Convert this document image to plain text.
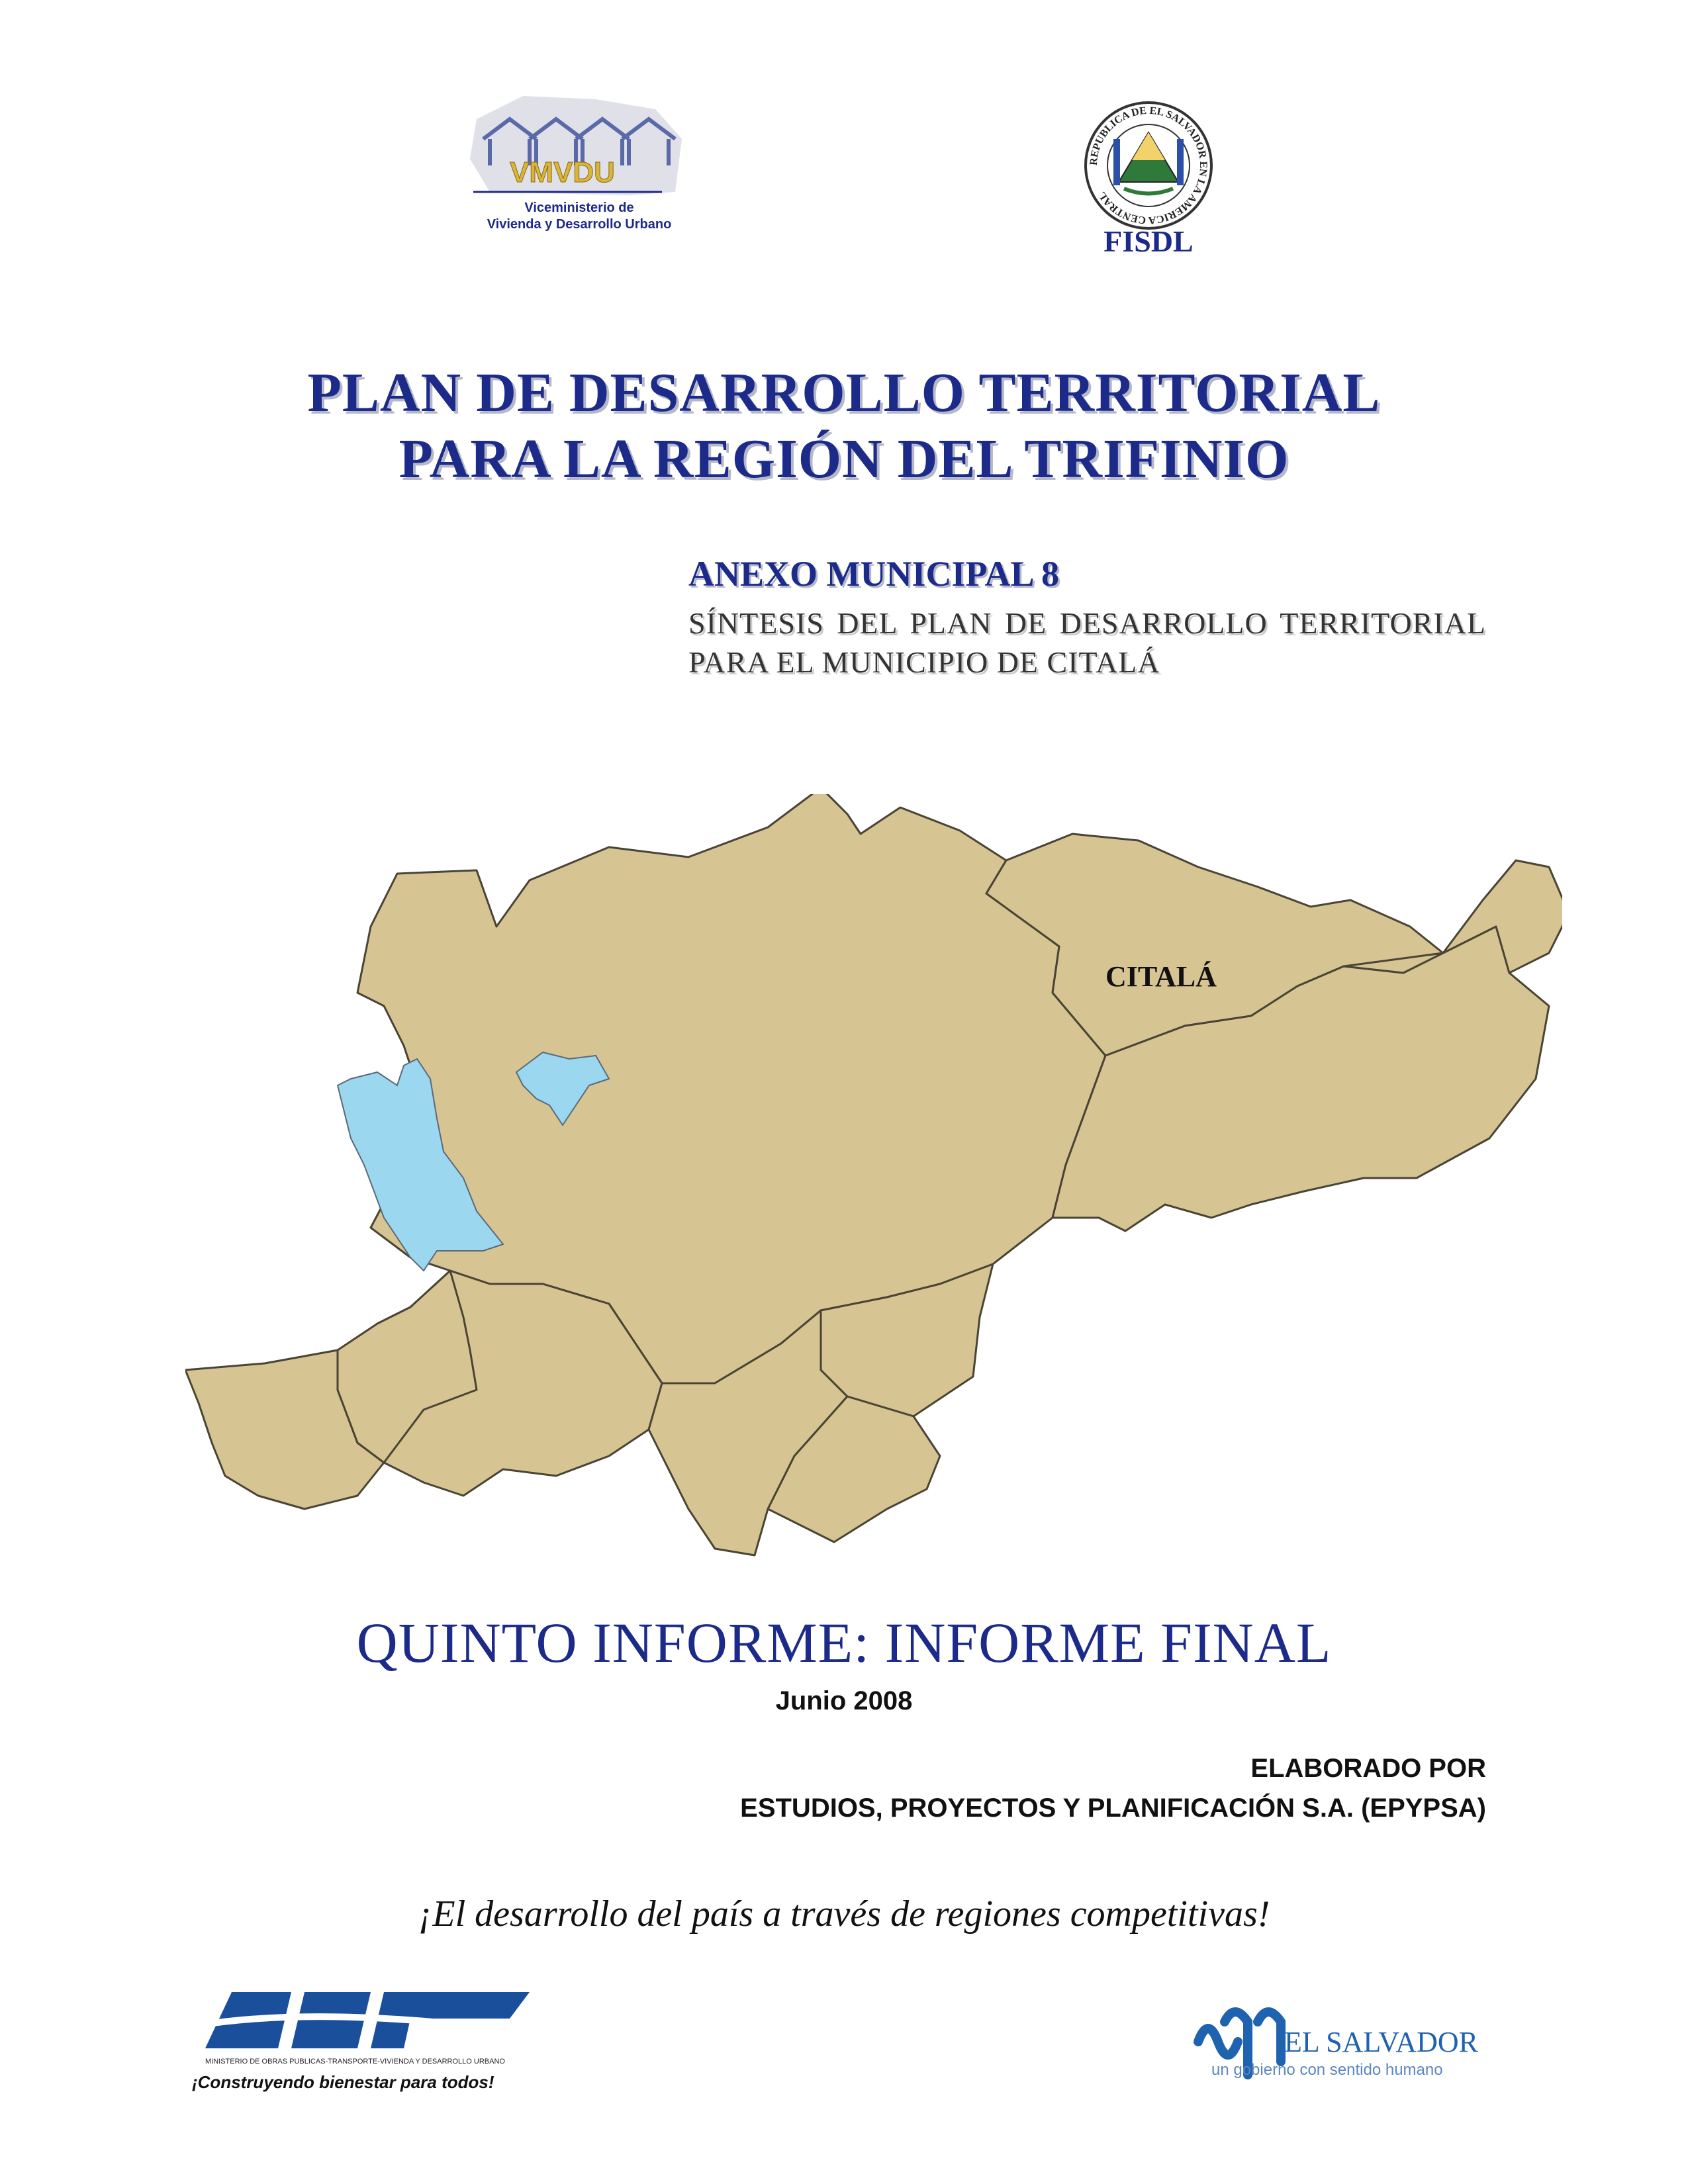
VMVDU
Viceministerio de
Vivienda y Desarrollo Urbano
REPUBLICA DE EL SALVADOR EN LA AMERICA CENTRAL
FISDL
PLAN DE DESARROLLO TERRITORIAL
PARA LA REGIÓN DEL TRIFINIO
ANEXO MUNICIPAL 8
SÍNTESIS DEL PLAN DE DESARROLLO TERRITORIAL PARA EL MUNICIPIO DE CITALÁ
CITALÁ
QUINTO INFORME: INFORME FINAL
Junio 2008
ELABORADO POR
ESTUDIOS, PROYECTOS Y PLANIFICACIÓN S.A. (EPYPSA)
¡El desarrollo del país a través de regiones competitivas!
MINISTERIO DE OBRAS PUBLICAS-TRANSPORTE-VIVIENDA Y DESARROLLO URBANO
¡Construyendo bienestar para todos!
EL SALVADOR
un gobierno con sentido humano
